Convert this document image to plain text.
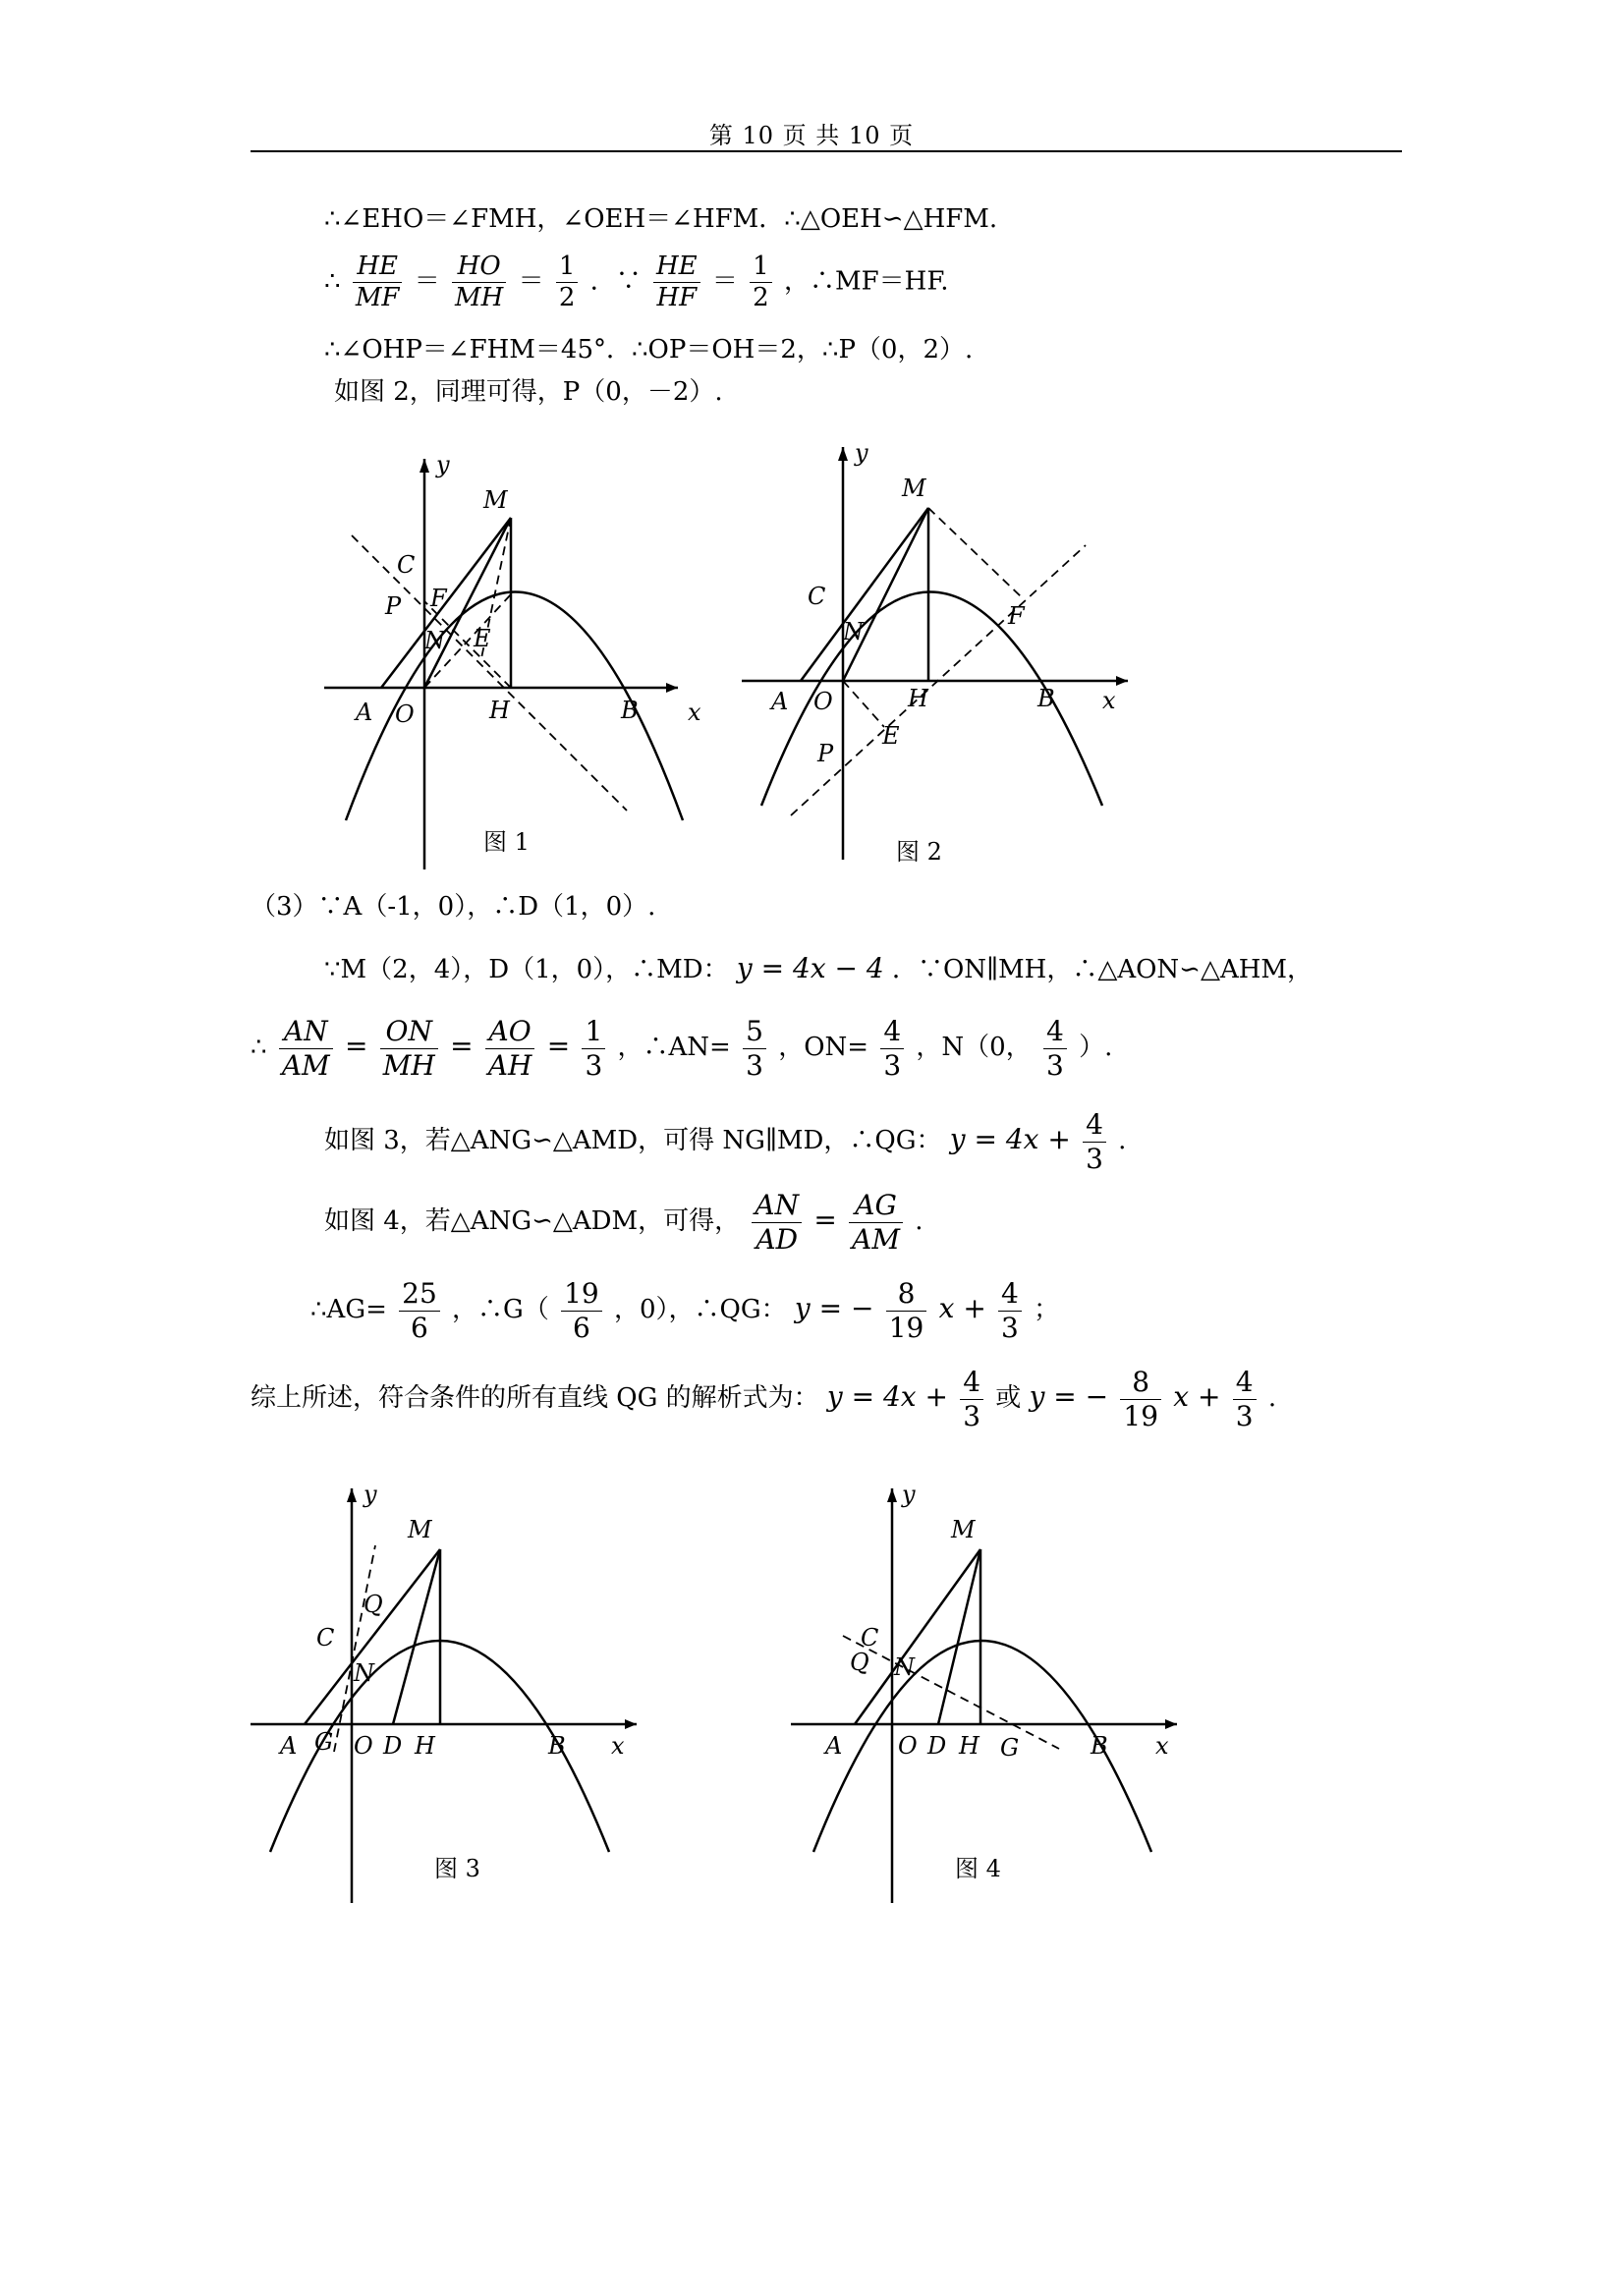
第 10 页 共 10 页
∴∠EHO＝∠FMH，∠OEH＝∠HFM．∴△OEH∽△HFM.
∴ $\frac{HE}{MF} = \frac{HO}{MH} = \frac{1}{2}$ ．∵ $\frac{HE}{HF} = \frac{1}{2}$ ，∴MF＝HF.
∴∠OHP＝∠FHM＝45°．∴OP＝OH＝2，∴P（0，2）.
如图 2，同理可得，P（0，－2）.
y
M
C
P F
N E
A O	H	B x
图 1
y
M
C
N
F
A O	H	B x
E
P
图 2
（3）∵A（-1，0），∴D（1，0）.
∵M（2，4），D（1，0），∴MD： y = 4x − 4 ．∵ON∥MH，∴△AON∽△AHM，
∴ $\frac{AN}{AM} = \frac{ON}{MH} = \frac{AO}{AH} = \frac{1}{3}$ ，∴AN= $\frac{5}{3}$ ，$ON= \frac{4}{3}$ ，N（0， $\frac{4}{3}$ ）.
如图 3，若△ANG∽△AMD，可得 NG∥MD，∴QG： $y = 4x + \frac{4}{3}$ .
如图 4，若△ANG∽△ADM，可得， $\frac{AN}{AD} = \frac{AG}{AM}$ .
∴AG= $\frac{25}{6}$ ，∴G（ $\frac{19}{6}$ ，0），∴QG： y = − $\frac{8}{19}$ $x + \frac{4}{3}$ ；
综上所述，符合条件的所有直线 QG 的解析式为： $y = 4x + \frac{4}{3}$ 或 y = − $\frac{8}{19}$ $x + \frac{4}{3}$ .
y
M
Q
C
N
A G O D H	B x
图 3
y
M
C
Q N
A O D H G	B x
图 4
